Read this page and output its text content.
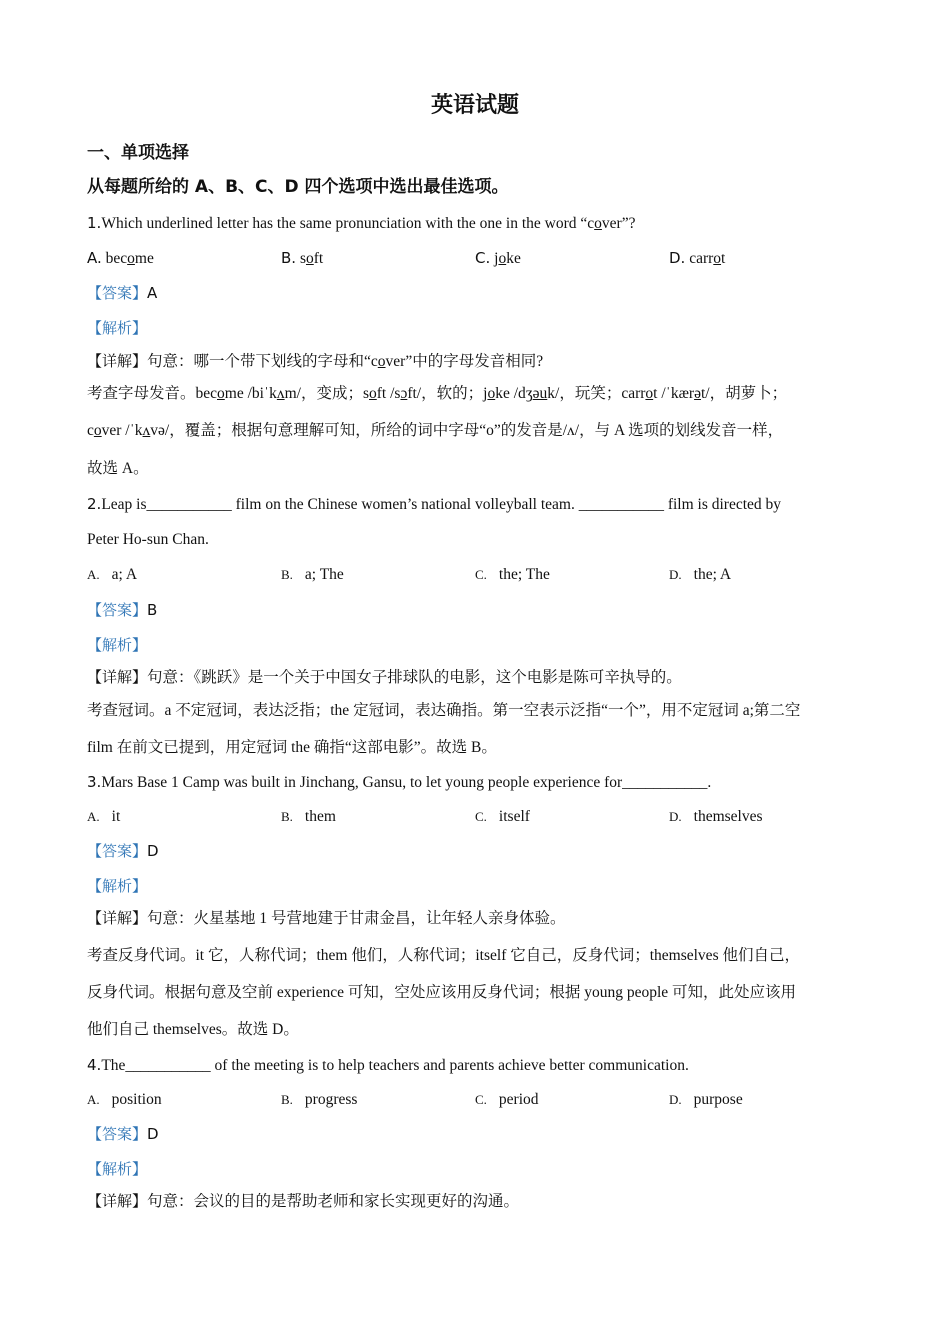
英语试题
一、单项选择
从每题所给的 A、B、C、D 四个选项中选出最佳选项。
1.Which underlined letter has the same pronunciation with the one in the word “cover”?
A. become	B. soft	C. joke	D. carrot
【答案】A
【解析】
【详解】句意：哪一个带下划线的字母和“cover”中的字母发音相同?
考查字母发音。become /biˈkʌm/，变成；soft /sɔft/，软的；joke /dʒəuk/，玩笑；carrot /ˈkærət/，胡萝卜；
cover /ˈkʌvə/，覆盖；根据句意理解可知，所给的词中字母“o”的发音是/ʌ/，与 A 选项的划线发音一样，
故选 A。
2.Leap is___________ film on the Chinese women’s national volleyball team. ___________ film is directed by
Peter Ho-sun Chan.
A. a; A	B. a; The	C. the; The	D. the; A
【答案】B
【解析】
【详解】句意：《跳跃》是一个关于中国女子排球队的电影，这个电影是陈可辛执导的。
考查冠词。a 不定冠词，表达泛指；the 定冠词，表达确指。第一空表示泛指“一个”，用不定冠词 a;第二空
film 在前文已提到，用定冠词 the 确指“这部电影”。故选 B。
3.Mars Base 1 Camp was built in Jinchang, Gansu, to let young people experience for___________.
A. it	B. them	C. itself	D. themselves
【答案】D
【解析】
【详解】句意：火星基地 1 号营地建于甘肃金昌，让年轻人亲身体验。
考查反身代词。it 它，人称代词；them 他们，人称代词；itself 它自己，反身代词；themselves 他们自己，
反身代词。根据句意及空前 experience 可知，空处应该用反身代词；根据 young people 可知，此处应该用
他们自己 themselves。故选 D。
4.The___________ of the meeting is to help teachers and parents achieve better communication.
A. position	B. progress	C. period	D. purpose
【答案】D
【解析】
【详解】句意：会议的目的是帮助老师和家长实现更好的沟通。
